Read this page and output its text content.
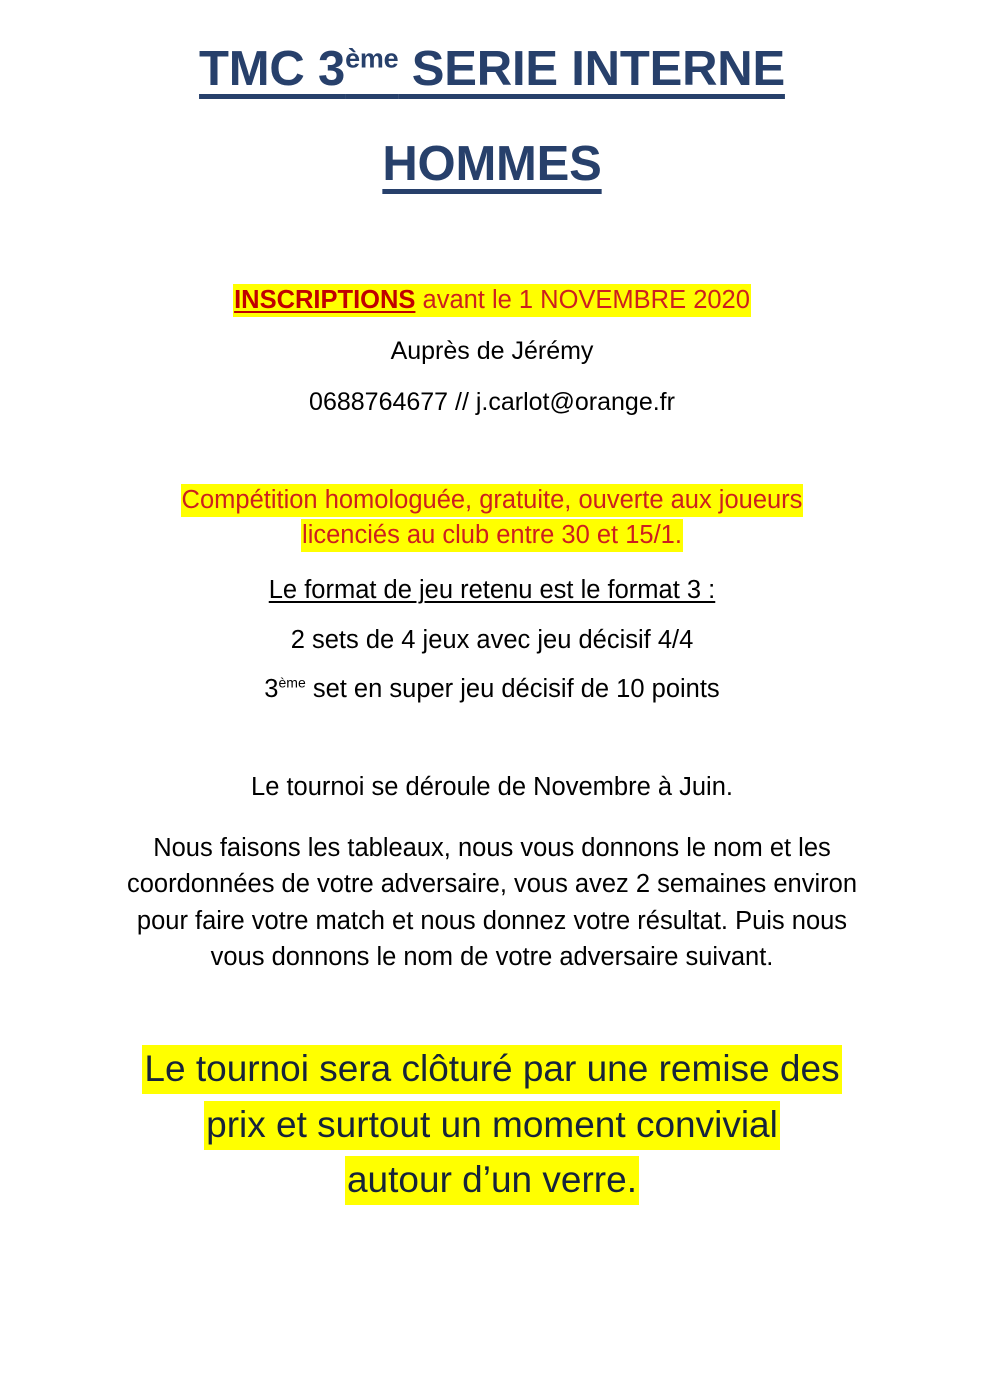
TMC 3ème SERIE INTERNE
HOMMES
INSCRIPTIONS avant le 1 NOVEMBRE 2020
Auprès de Jérémy
0688764677 // j.carlot@orange.fr
Compétition homologuée, gratuite, ouverte aux joueurs
licenciés au club entre 30 et 15/1.
Le format de jeu retenu est le format 3 :
2 sets de 4 jeux avec jeu décisif 4/4
3ème set en super jeu décisif de 10 points
Le tournoi se déroule de Novembre à Juin.
Nous faisons les tableaux, nous vous donnons le nom et les coordonnées de votre adversaire, vous avez 2 semaines environ pour faire votre match et nous donnez votre résultat. Puis nous vous donnons le nom de votre adversaire suivant.
Le tournoi sera clôturé par une remise des
prix et surtout un moment convivial
autour d’un verre.
